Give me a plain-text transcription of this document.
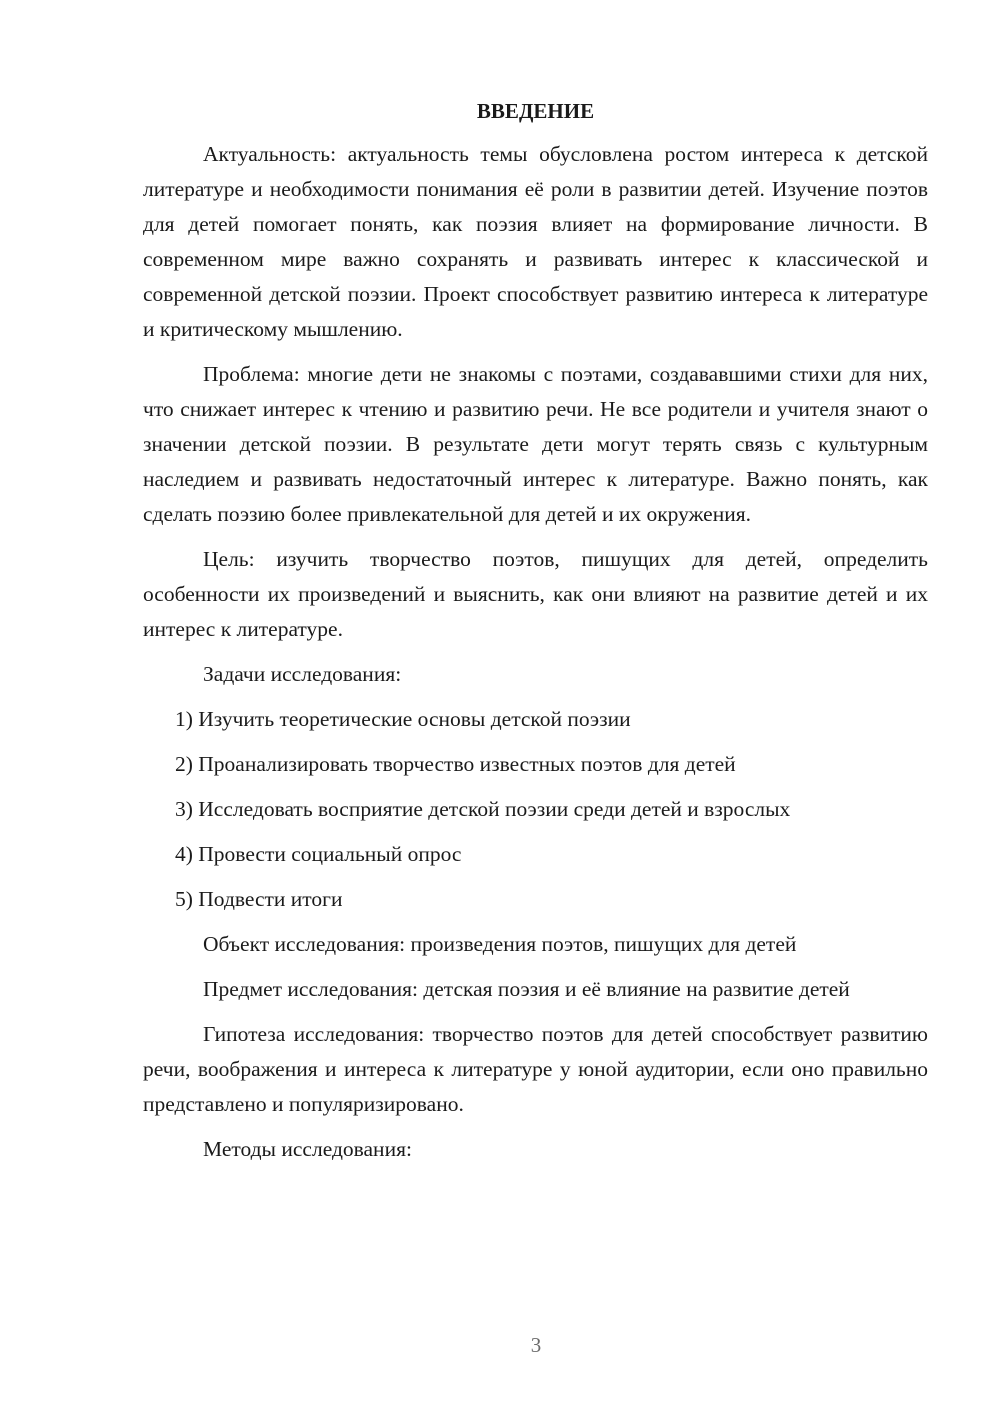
ВВЕДЕНИЕ

Актуальность: актуальность темы обусловлена ростом интереса к детской литературе и необходимости понимания её роли в развитии детей. Изучение поэтов для детей помогает понять, как поэзия влияет на формирование личности. В современном мире важно сохранять и развивать интерес к классической и современной детской поэзии. Проект способствует развитию интереса к литературе и критическому мышлению.

Проблема: многие дети не знакомы с поэтами, создававшими стихи для них, что снижает интерес к чтению и развитию речи. Не все родители и учителя знают о значении детской поэзии. В результате дети могут терять связь с культурным наследием и развивать недостаточный интерес к литературе. Важно понять, как сделать поэзию более привлекательной для детей и их окружения.

Цель: изучить творчество поэтов, пишущих для детей, определить особенности их произведений и выяснить, как они влияют на развитие детей и их интерес к литературе.

Задачи исследования:

1) Изучить теоретические основы детской поэзии
2) Проанализировать творчество известных поэтов для детей
3) Исследовать восприятие детской поэзии среди детей и взрослых
4) Провести социальный опрос
5) Подвести итоги

Объект исследования: произведения поэтов, пишущих для детей

Предмет исследования: детская поэзия и её влияние на развитие детей

Гипотеза исследования: творчество поэтов для детей способствует развитию речи, воображения и интереса к литературе у юной аудитории, если оно правильно представлено и популяризировано.

Методы исследования:

3
